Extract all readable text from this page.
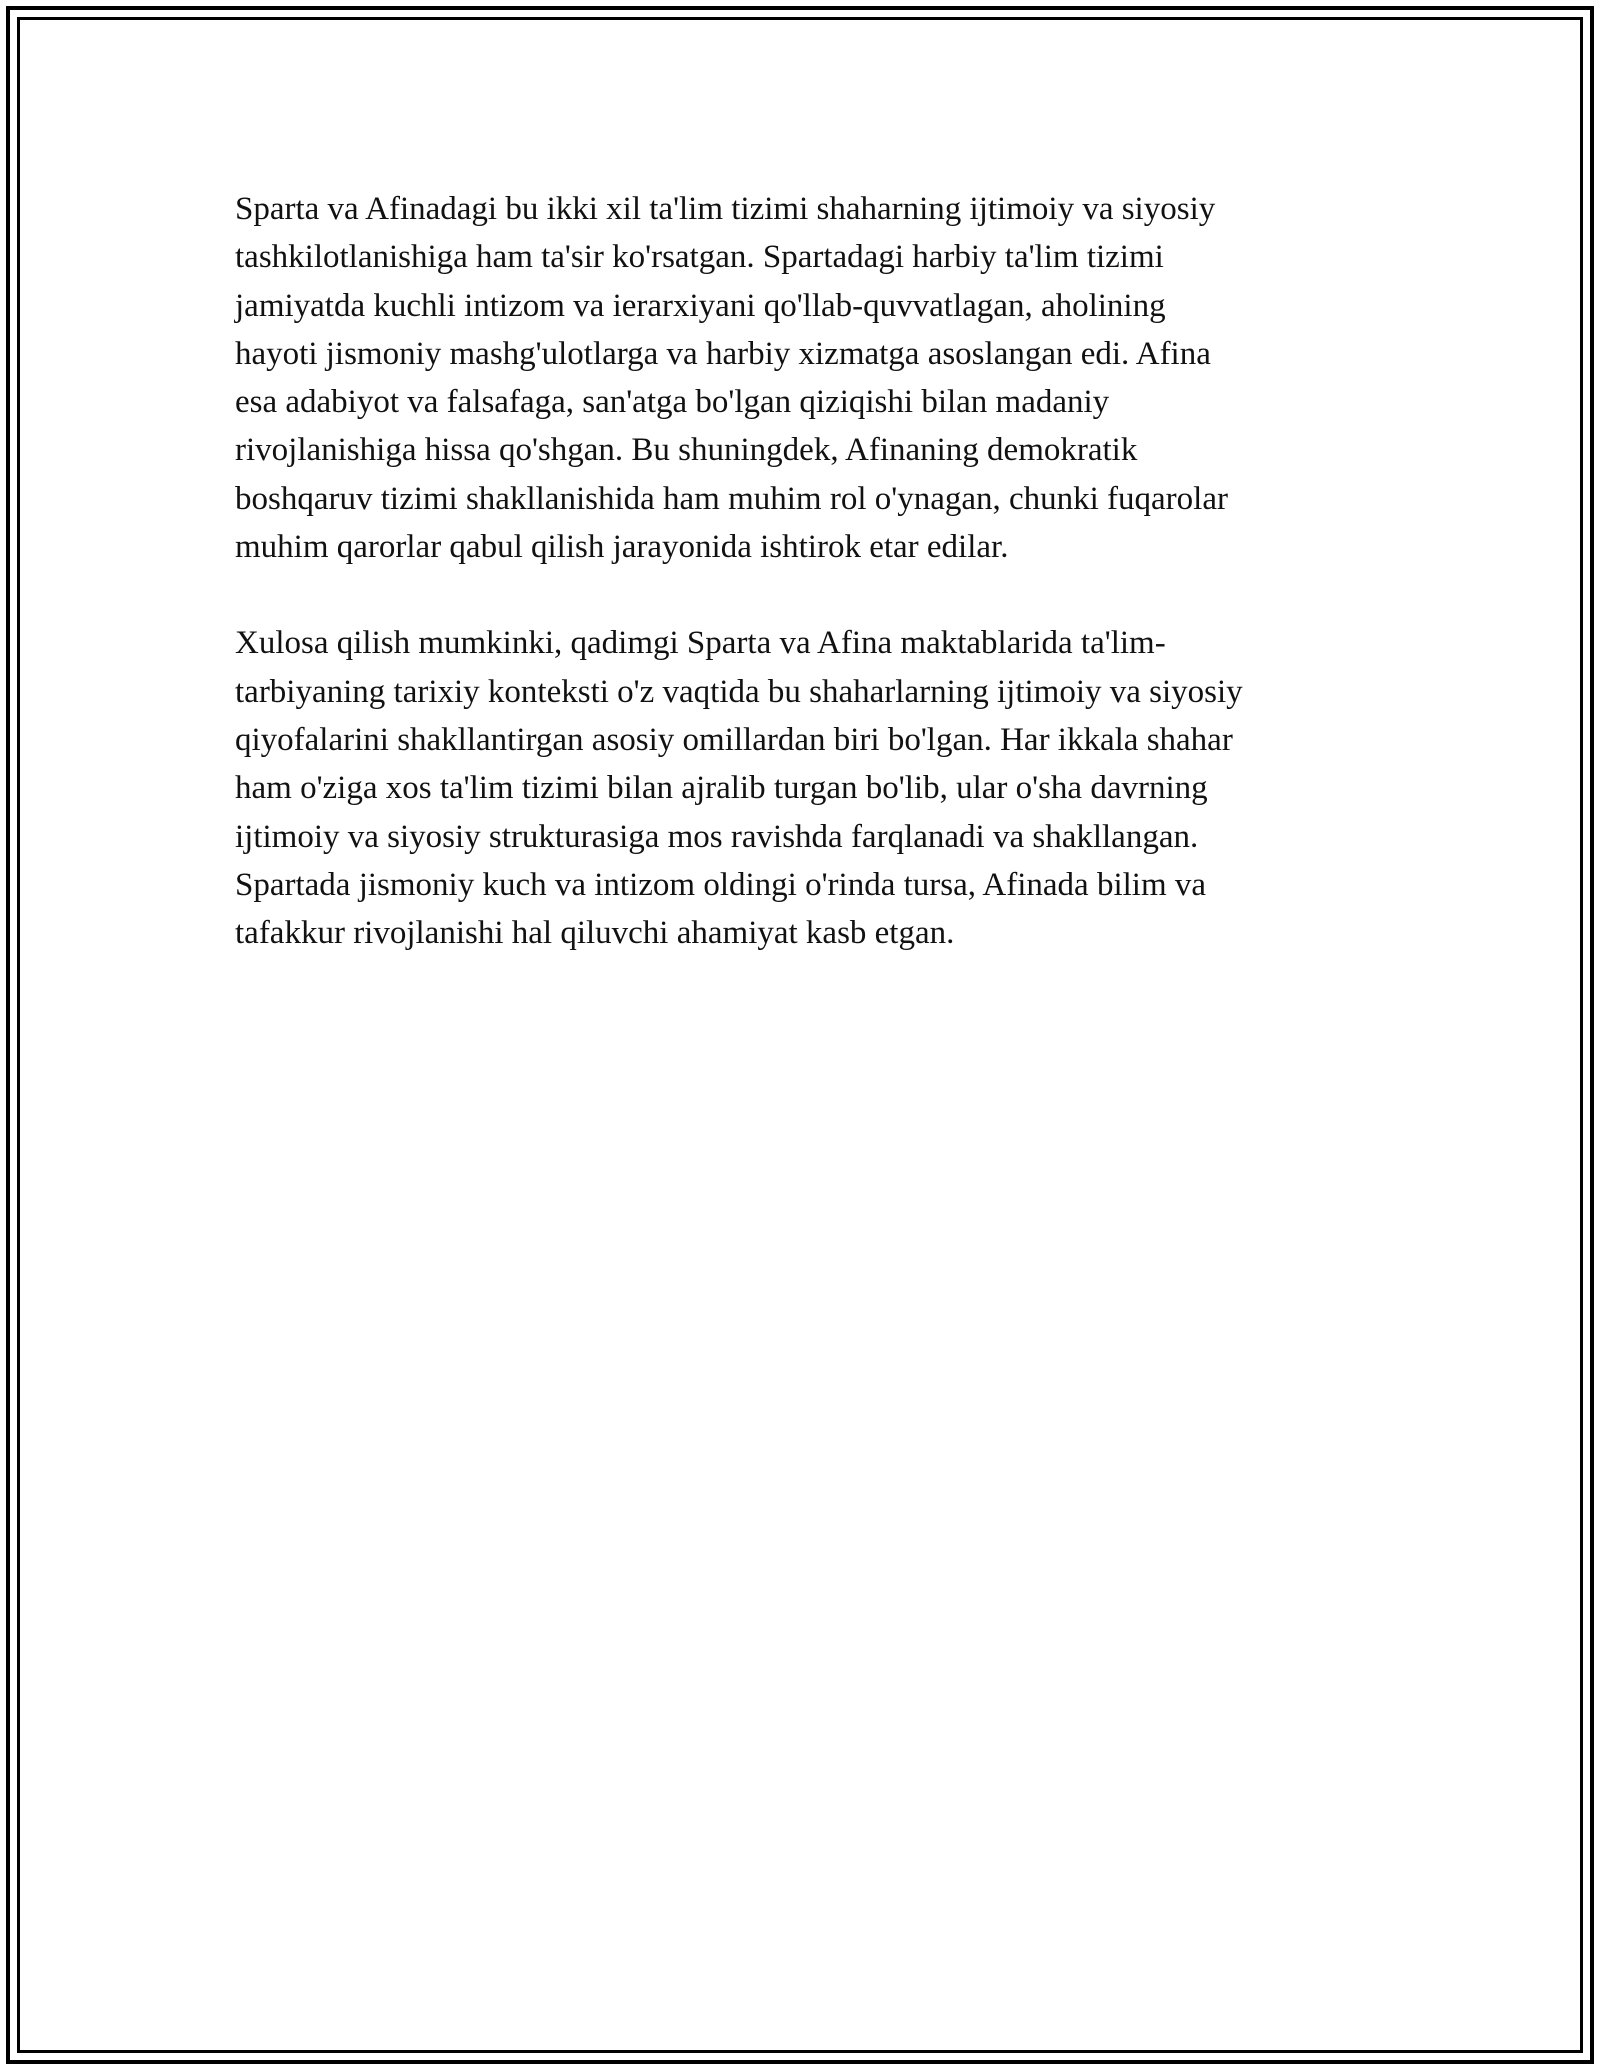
Sparta va Afinadagi bu ikki xil ta'lim tizimi shaharning ijtimoiy va siyosiy
tashkilotlanishiga ham ta'sir ko'rsatgan. Spartadagi harbiy ta'lim tizimi
jamiyatda kuchli intizom va ierarxiyani qo'llab-quvvatlagan, aholining
hayoti jismoniy mashg'ulotlarga va harbiy xizmatga asoslangan edi. Afina
esa adabiyot va falsafaga, san'atga bo'lgan qiziqishi bilan madaniy
rivojlanishiga hissa qo'shgan. Bu shuningdek, Afinaning demokratik
boshqaruv tizimi shakllanishida ham muhim rol o'ynagan, chunki fuqarolar
muhim qarorlar qabul qilish jarayonida ishtirok etar edilar.

Xulosa qilish mumkinki, qadimgi Sparta va Afina maktablarida ta'lim-
tarbiyaning tarixiy konteksti o'z vaqtida bu shaharlarning ijtimoiy va siyosiy
qiyofalarini shakllantirgan asosiy omillardan biri bo'lgan. Har ikkala shahar
ham o'ziga xos ta'lim tizimi bilan ajralib turgan bo'lib, ular o'sha davrning
ijtimoiy va siyosiy strukturasiga mos ravishda farqlanadi va shakllangan.
Spartada jismoniy kuch va intizom oldingi o'rinda tursa, Afinada bilim va
tafakkur rivojlanishi hal qiluvchi ahamiyat kasb etgan.
